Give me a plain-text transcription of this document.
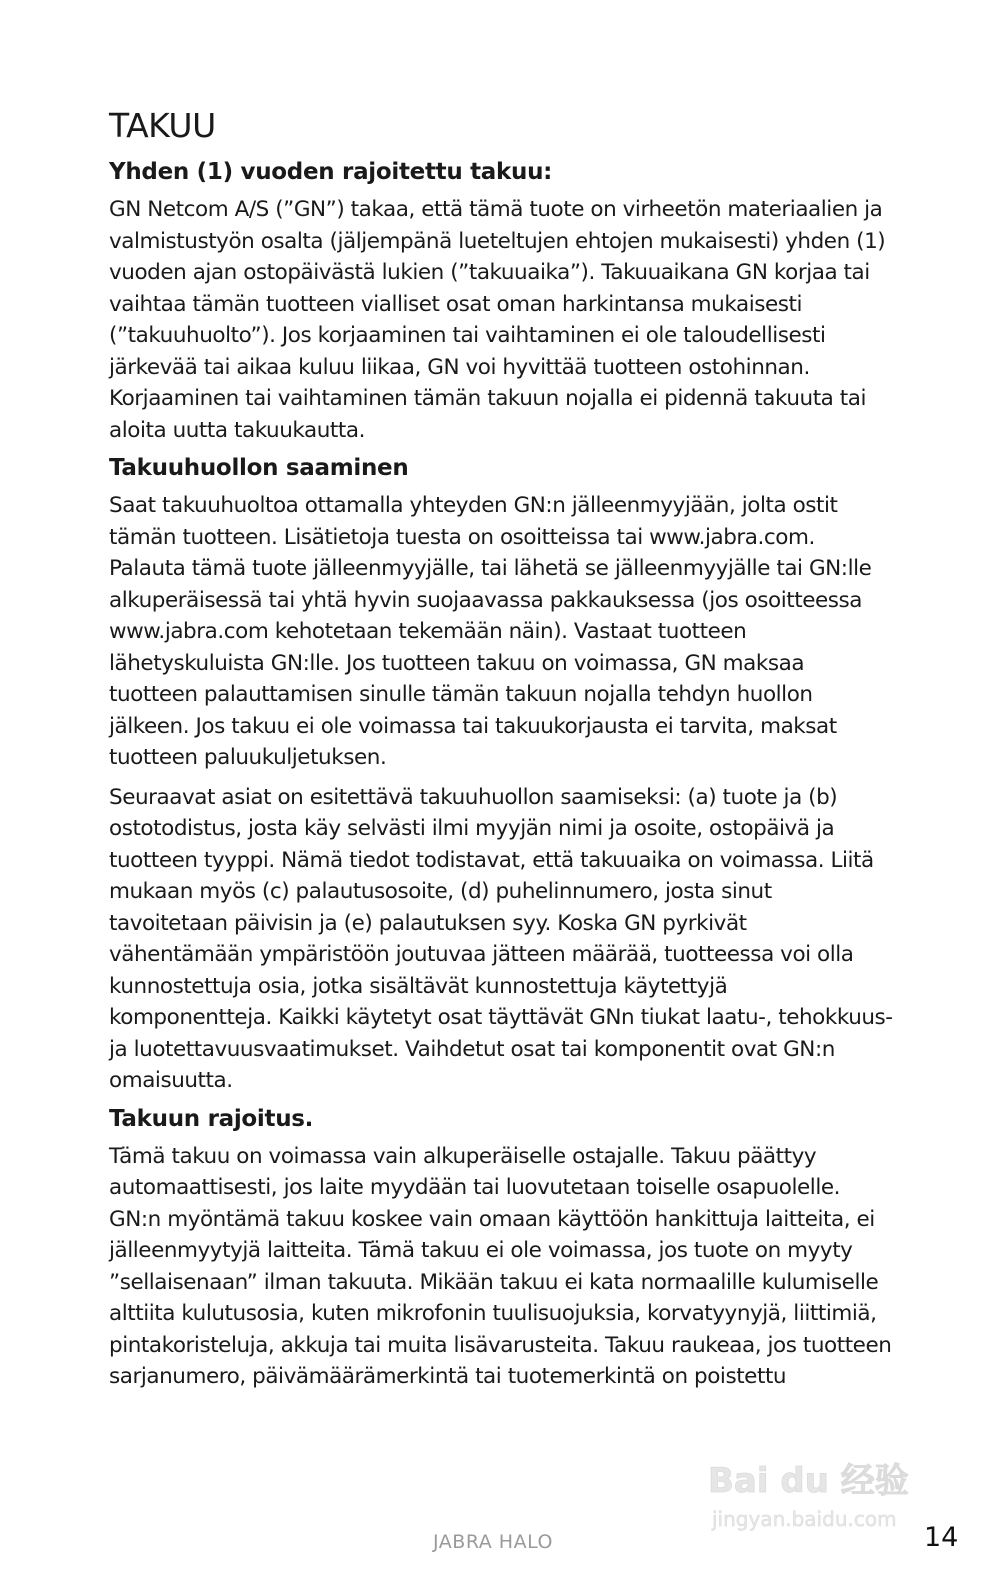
TAKUU
Yhden (1) vuoden rajoitettu takuu:

GN Netcom A/S (”GN”) takaa, että tämä tuote on virheetön materiaalien ja valmistustyön osalta (jäljempänä lueteltujen ehtojen mukaisesti) yhden (1) vuoden ajan ostopäivästä lukien (”takuuaika”). Takuuaikana GN korjaa tai vaihtaa tämän tuotteen vialliset osat oman harkintansa mukaisesti (”takuuhuolto”). Jos korjaaminen tai vaihtaminen ei ole taloudellisesti järkevää tai aikaa kuluu liikaa, GN voi hyvittää tuotteen ostohinnan. Korjaaminen tai vaihtaminen tämän takuun nojalla ei pidennä takuuta tai aloita uutta takuukautta.

Takuuhuollon saaminen

Saat takuuhuoltoa ottamalla yhteyden GN:n jälleenmyyjään, jolta ostit tämän tuotteen. Lisätietoja tuesta on osoitteissa tai www.jabra.com. Palauta tämä tuote jälleenmyyjälle, tai lähetä se jälleenmyyjälle tai GN:lle alkuperäisessä tai yhtä hyvin suojaavassa pakkauksessa (jos osoitteessa www.jabra.com kehotetaan tekemään näin). Vastaat tuotteen lähetyskuluista GN:lle. Jos tuotteen takuu on voimassa, GN maksaa tuotteen palauttamisen sinulle tämän takuun nojalla tehdyn huollon jälkeen. Jos takuu ei ole voimassa tai takuukorjausta ei tarvita, maksat tuotteen paluukuljetuksen.

Seuraavat asiat on esitettävä takuuhuollon saamiseksi: (a) tuote ja (b) ostotodistus, josta käy selvästi ilmi myyjän nimi ja osoite, ostopäivä ja tuotteen tyyppi. Nämä tiedot todistavat, että takuuaika on voimassa. Liitä mukaan myös (c) palautusosoite, (d) puhelinnumero, josta sinut tavoitetaan päivisin ja (e) palautuksen syy. Koska GN pyrkivät vähentämään ympäristöön joutuvaa jätteen määrää, tuotteessa voi olla kunnostettuja osia, jotka sisältävät kunnostettuja käytettyjä komponentteja. Kaikki käytetyt osat täyttävät GNn tiukat laatu-, tehokkuus- ja luotettavuusvaatimukset. Vaihdetut osat tai komponentit ovat GN:n omaisuutta.

Takuun rajoitus.

Tämä takuu on voimassa vain alkuperäiselle ostajalle. Takuu päättyy automaattisesti, jos laite myydään tai luovutetaan toiselle osapuolelle. GN:n myöntämä takuu koskee vain omaan käyttöön hankittuja laitteita, ei jälleenmyytyjä laitteita. Tämä takuu ei ole voimassa, jos tuote on myyty ”sellaisenaan” ilman takuuta. Mikään takuu ei kata normaalille kulumiselle alttiita kulutusosia, kuten mikrofonin tuulisuojuksia, korvatyynyjä, liittimiä, pintakoristeluja, akkuja tai muita lisävarusteita. Takuu raukeaa, jos tuotteen sarjanumero, päivämäärämerkintä tai tuotemerkintä on poistettu

JABRA HALO	14
Bai du 经验
jingyan.baidu.com
